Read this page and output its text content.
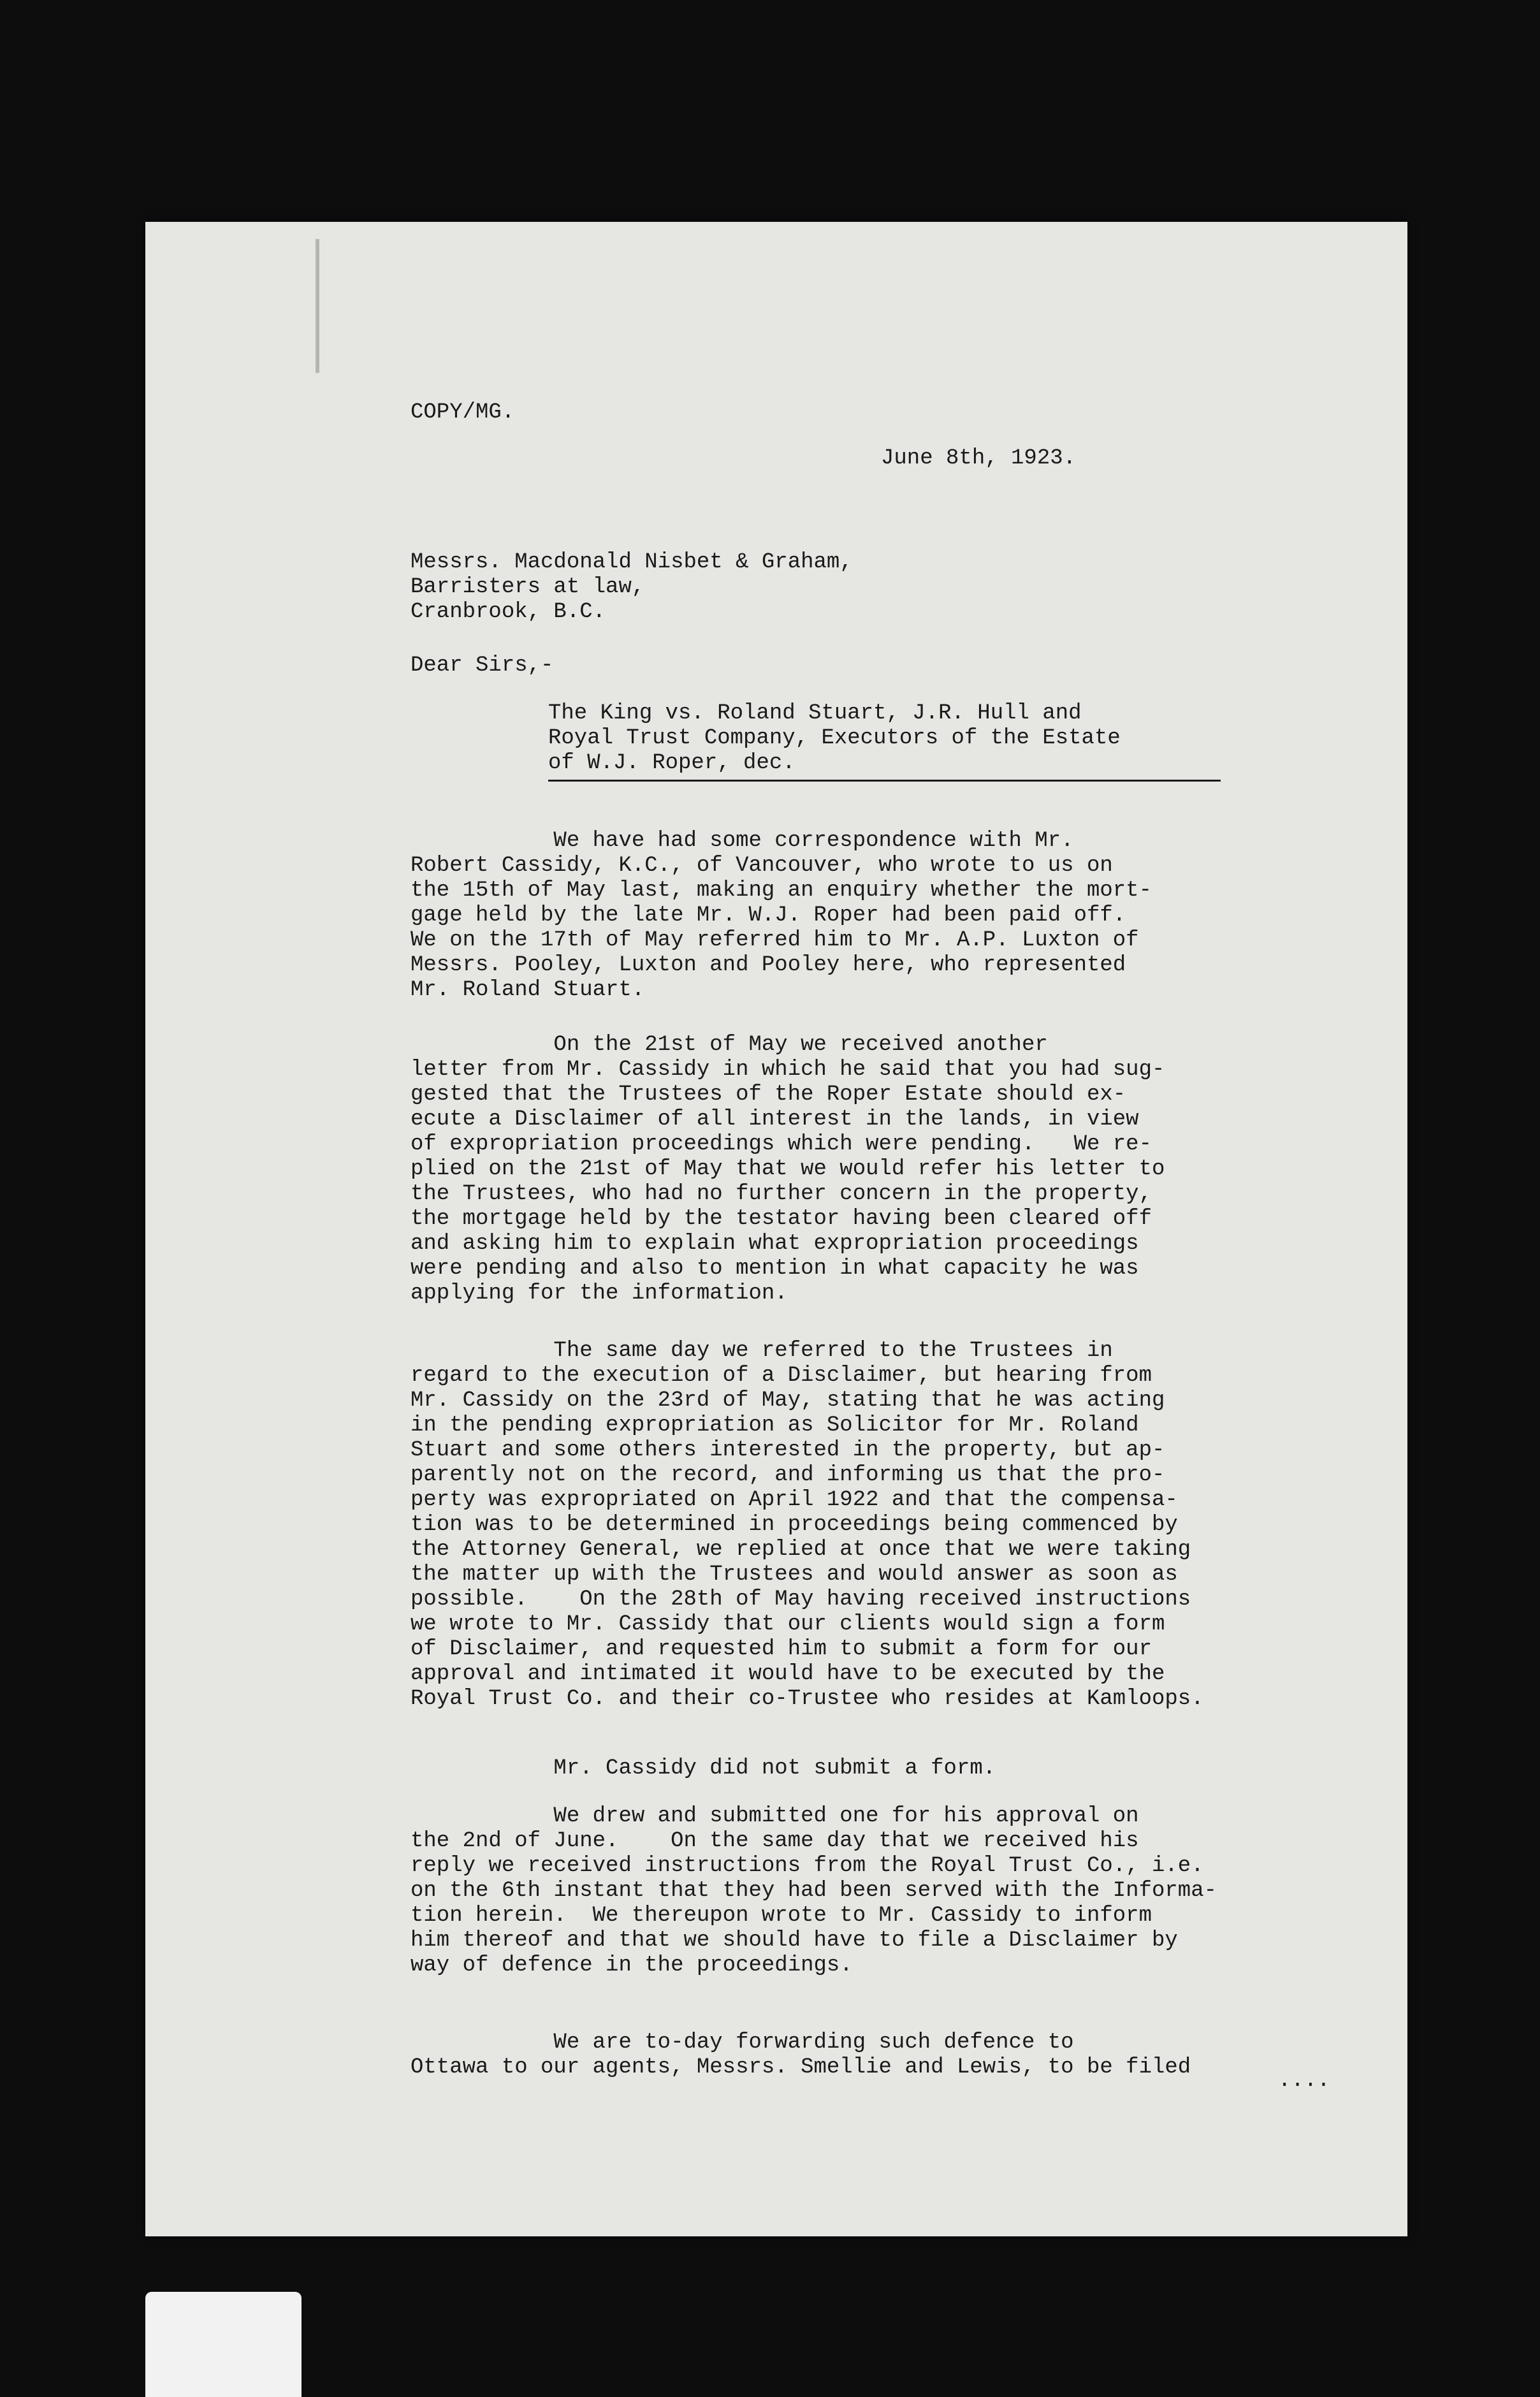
COPY/MG.

June 8th, 1923.

Messrs. Macdonald Nisbet & Graham,
Barristers at law,
Cranbrook, B.C.

Dear Sirs,-

The King vs. Roland Stuart, J.R. Hull and
Royal Trust Company, Executors of the Estate
of W.J. Roper, dec.

We have had some correspondence with Mr.
Robert Cassidy, K.C., of Vancouver, who wrote to us on
the 15th of May last, making an enquiry whether the mort-
gage held by the late Mr. W.J. Roper had been paid off.
We on the 17th of May referred him to Mr. A.P. Luxton of
Messrs. Pooley, Luxton and Pooley here, who represented
Mr. Roland Stuart.

On the 21st of May we received another
letter from Mr. Cassidy in which he said that you had sug-
gested that the Trustees of the Roper Estate should ex-
ecute a Disclaimer of all interest in the lands, in view
of expropriation proceedings which were pending.   We re-
plied on the 21st of May that we would refer his letter to
the Trustees, who had no further concern in the property,
the mortgage held by the testator having been cleared off
and asking him to explain what expropriation proceedings
were pending and also to mention in what capacity he was
applying for the information.

The same day we referred to the Trustees in
regard to the execution of a Disclaimer, but hearing from
Mr. Cassidy on the 23rd of May, stating that he was acting
in the pending expropriation as Solicitor for Mr. Roland
Stuart and some others interested in the property, but ap-
parently not on the record, and informing us that the pro-
perty was expropriated on April 1922 and that the compensa-
tion was to be determined in proceedings being commenced by
the Attorney General, we replied at once that we were taking
the matter up with the Trustees and would answer as soon as
possible.    On the 28th of May having received instructions
we wrote to Mr. Cassidy that our clients would sign a form
of Disclaimer, and requested him to submit a form for our
approval and intimated it would have to be executed by the
Royal Trust Co. and their co-Trustee who resides at Kamloops.

Mr. Cassidy did not submit a form.

We drew and submitted one for his approval on
the 2nd of June.    On the same day that we received his
reply we received instructions from the Royal Trust Co., i.e.
on the 6th instant that they had been served with the Informa-
tion herein.  We thereupon wrote to Mr. Cassidy to inform
him thereof and that we should have to file a Disclaimer by
way of defence in the proceedings.

We are to-day forwarding such defence to
Ottawa to our agents, Messrs. Smellie and Lewis, to be filed

....
